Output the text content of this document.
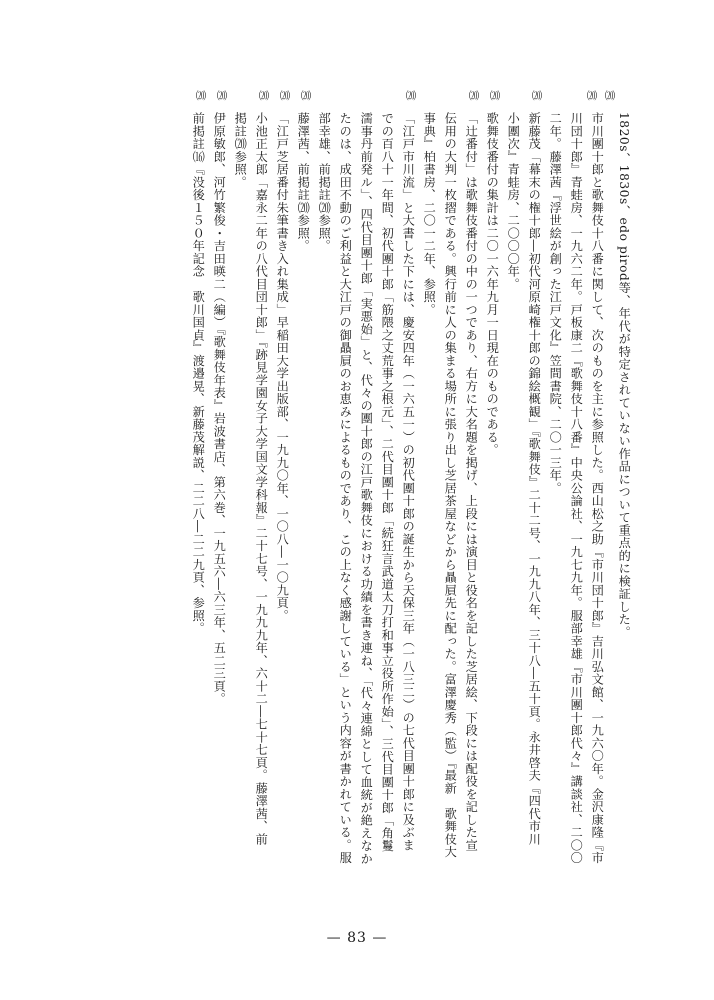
⒇
1820s、1830s、edo pirod等、年代が特定されていない作品について重点的に検証した。
⒇
市川團十郎と歌舞伎十八番に関して、次のものを主に参照した。西山松之助『市川団十郎』吉川弘文館、一九六〇年。金沢康隆『市
川団十郎』青蛙房、一九六二年。戸板康二『歌舞伎十八番』中央公論社、一九七九年。服部幸雄『市川團十郎代々』講談社、二〇〇
二年。藤澤茜『浮世絵が創った江戸文化』笠間書院、二〇一三年。
⒇
新藤茂「幕末の権十郎―初代河原崎権十郎の錦絵概観」『歌舞伎』二十二号、一九九八年、三十八―五十頁。永井啓夫『四代市川
小團次』青蛙房、二〇〇〇年。
⒇
歌舞伎番付の集計は二〇一六年九月一日現在のものである。
⒇
「辻番付」は歌舞伎番付の中の一つであり、右方に大名題を掲げ、上段には演目と役名を記した芝居絵、下段には配役を記した宣
伝用の大判一枚摺である。興行前に人の集まる場所に張り出し芝居茶屋などから贔屓先に配った。富澤慶秀（監）『最新　歌舞伎大
事典』柏書房、二〇一二年、参照。
⒇
「江戸市川流」と大書した下には、慶安四年（一六五一）の初代團十郎の誕生から天保三年（一八三二）の七代目團十郎に及ぶま
での百八十一年間、初代團十郎「筋隈之丈荒事之根元」、二代目團十郎「続狂言武道太刀打和事立役所作始」、三代目團十郎「角鬘
濡事丹前発ル」、四代目團十郎「実悪始」と、代々の團十郎の江戸歌舞伎における功績を書き連ね、「代々連綿として血統が絶えなか
たのは、成田不動のご利益と大江戸の御贔屓のお恵みによるものであり、この上なく感謝している」という内容が書かれている。服
部幸雄、前掲註⒇参照。
⒇
藤澤茜、前掲註⒇参照。
⒇
「江戸芝居番付朱筆書き入れ集成」早稲田大学出版部、一九九〇年、一〇八―一〇九頁。
⒇
小池正太郎「嘉永二年の八代目団十郎」『跡見学園女子大学国文学科報』二十七号、一九九九年、六十二―七十七頁。藤澤茜、前
掲註⒇参照。
⒇
伊原敏郎、河竹繁俊・吉田暎二（編）『歌舞伎年表』岩波書店、第六巻、一九五六―六三年、五二三頁。
⒇
前掲註⒃『没後１５０年記念　歌川国貞』渡邉晃、新藤茂解説、二二八―二二九頁、参照。
— 83 —
